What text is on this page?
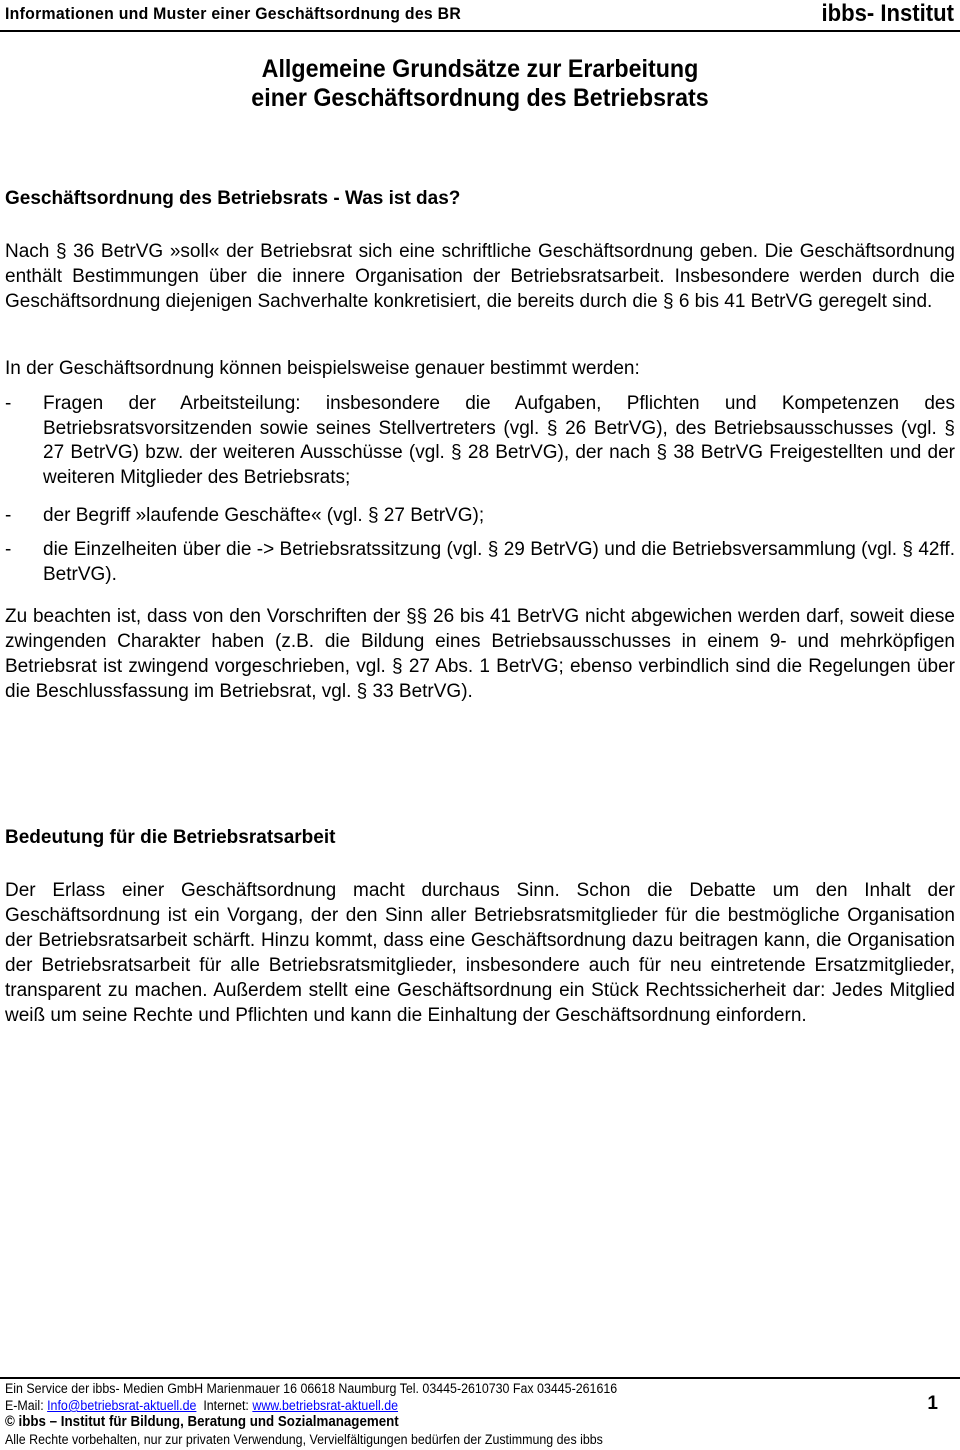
Informationen und Muster einer Geschäftsordnung des BR	ibbs- Institut
Allgemeine Grundsätze zur Erarbeitung
einer Geschäftsordnung des Betriebsrats
Geschäftsordnung des Betriebsrats - Was ist das?
Nach § 36 BetrVG »soll« der Betriebsrat sich eine schriftliche Geschäftsordnung geben. Die Geschäftsordnung enthält Bestimmungen über die innere Organisation der Betriebsratsarbeit. Insbesondere werden durch die Geschäftsordnung diejenigen Sachverhalte konkretisiert, die bereits durch die § 6 bis 41 BetrVG geregelt sind.
In der Geschäftsordnung können beispielsweise genauer bestimmt werden:
- Fragen der Arbeitsteilung: insbesondere die Aufgaben, Pflichten und Kompetenzen des Betriebsratsvorsitzenden sowie seines Stellvertreters (vgl. § 26 BetrVG), des Betriebsausschusses (vgl. § 27 BetrVG) bzw. der weiteren Ausschüsse (vgl. § 28 BetrVG), der nach § 38 BetrVG Freigestellten und der weiteren Mitglieder des Betriebsrats;
- der Begriff »laufende Geschäfte« (vgl. § 27 BetrVG);
- die Einzelheiten über die -> Betriebsratssitzung (vgl. § 29 BetrVG) und die Betriebsversammlung (vgl. § 42ff. BetrVG).
Zu beachten ist, dass von den Vorschriften der §§ 26 bis 41 BetrVG nicht abgewichen werden darf, soweit diese zwingenden Charakter haben (z.B. die Bildung eines Betriebsausschusses in einem 9- und mehrköpfigen Betriebsrat ist zwingend vorgeschrieben, vgl. § 27 Abs. 1 BetrVG; ebenso verbindlich sind die Regelungen über die Beschlussfassung im Betriebsrat, vgl. § 33 BetrVG).
Bedeutung für die Betriebsratsarbeit
Der Erlass einer Geschäftsordnung macht durchaus Sinn. Schon die Debatte um den Inhalt der Geschäftsordnung ist ein Vorgang, der den Sinn aller Betriebsratsmitglieder für die bestmögliche Organisation der Betriebsratsarbeit schärft. Hinzu kommt, dass eine Geschäftsordnung dazu beitragen kann, die Organisation der Betriebsratsarbeit für alle Betriebsratsmitglieder, insbesondere auch für neu eintretende Ersatzmitglieder, transparent zu machen. Außerdem stellt eine Geschäftsordnung ein Stück Rechtssicherheit dar: Jedes Mitglied weiß um seine Rechte und Pflichten und kann die Einhaltung der Geschäftsordnung einfordern.
Ein Service der ibbs- Medien GmbH Marienmauer 16 06618 Naumburg Tel. 03445-2610730 Fax 03445-261616
E-Mail: Info@betriebsrat-aktuell.de  Internet: www.betriebsrat-aktuell.de
© ibbs – Institut für Bildung, Beratung und Sozialmanagement
Alle Rechte vorbehalten, nur zur privaten Verwendung, Vervielfältigungen bedürfen der Zustimmung des ibbs
1
